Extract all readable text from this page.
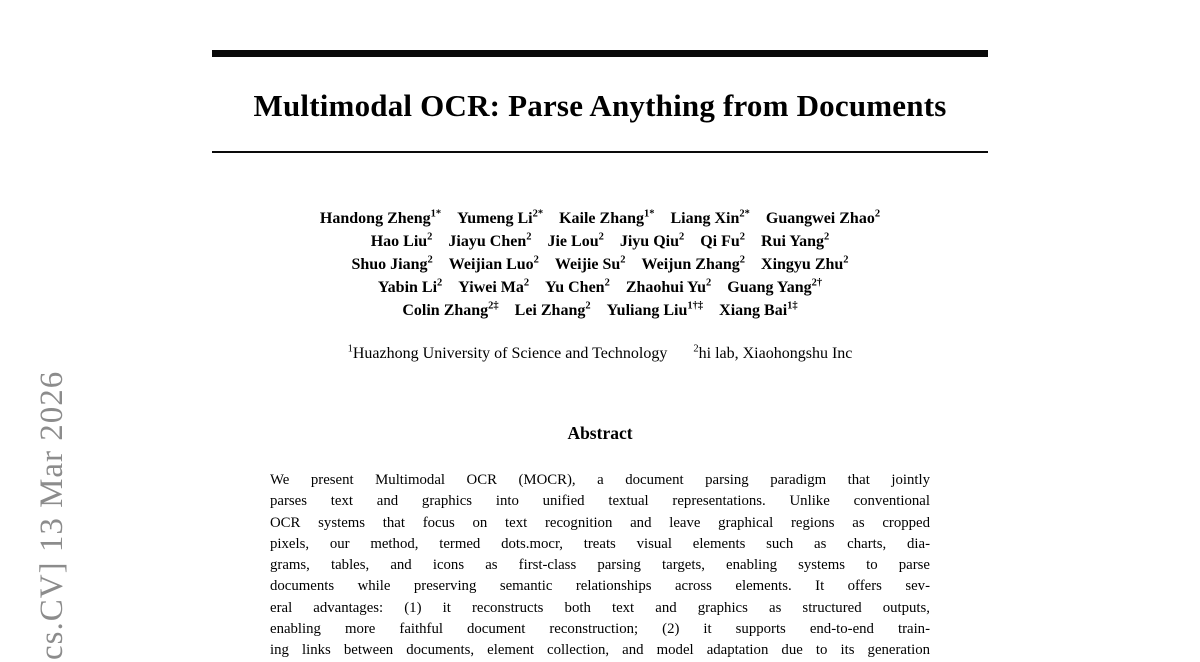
cs.CV] 13 Mar 2026
Multimodal OCR: Parse Anything from Documents
Handong Zheng$^{1*}$ Yumeng $Li^{2*}$ Kaile Zhang$^{1*}$ Liang Xin$^{2*}$ Guangwei Zhao$^2$
Hao Liu$^2$ Jiayu Chen$^2$ Jie Lou$^2$ Jiyu Qiu$^2$ Qi Fu$^2$ Rui Yang$^2$
Shuo Jiang$^2$ Weijian Luo$^2$ Weijie Su$^2$ Weijun Zhang$^2$ Xingyu Zhu$^2$
Yabin Li$^2$ Yiwei Ma$^2$ Yu Chen$^2$ Zhaohui Yu$^2$ Guang Yang$^{2\dagger}$
Colin Zhang$^{2\ddagger}$ Lei Zhang$^2$ Yuliang Liu$^{1\dagger\ddagger}$ Xiang Bai$^{1\ddagger}$
$^1$Huazhong University of Science and Technology $^2$hi lab, Xiaohongshu Inc
Abstract
We present Multimodal OCR (MOCR), a document parsing paradigm that jointly
parses text and graphics into unified textual representations. Unlike conventional
OCR systems that focus on text recognition and leave graphical regions as cropped
pixels, our method, termed dots.mocr, treats visual elements such as charts, dia-
grams, tables, and icons as first-class parsing targets, enabling systems to parse
documents while preserving semantic relationships across elements. It offers sev-
eral advantages: (1) it reconstructs both text and graphics as structured outputs,
enabling more faithful document reconstruction; (2) it supports end-to-end train-
ing links between documents, element collection, and model adaptation due to its generation
